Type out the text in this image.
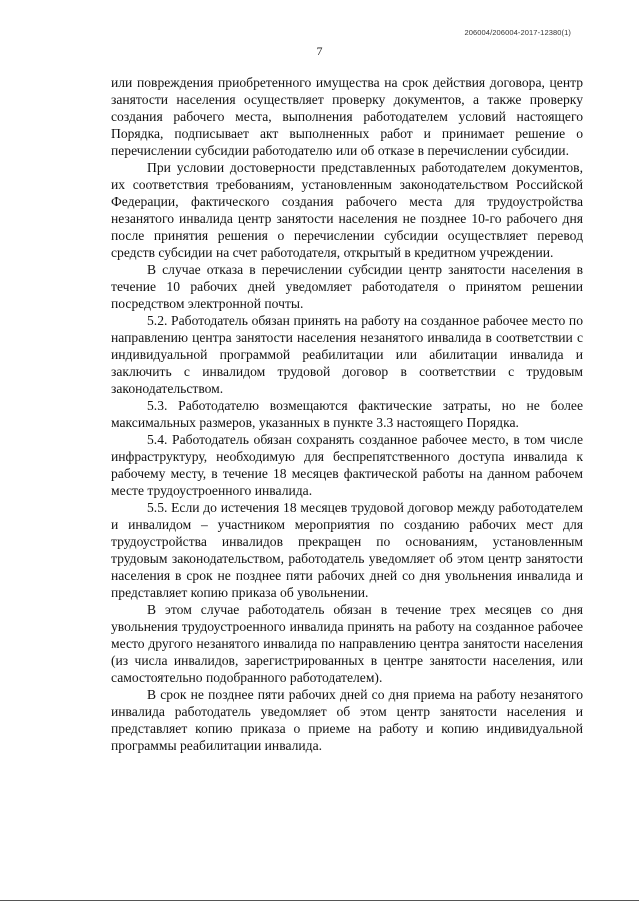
206004/206004-2017-12380(1)
7

или повреждения приобретенного имущества на срок действия договора, центр занятости населения осуществляет проверку документов, а также проверку создания рабочего места, выполнения работодателем условий настоящего Порядка, подписывает акт выполненных работ и принимает решение о перечислении субсидии работодателю или об отказе в перечислении субсидии.

При условии достоверности представленных работодателем документов, их соответствия требованиям, установленным законодательством Российской Федерации, фактического создания рабочего места для трудоустройства незанятого инвалида центр занятости населения не позднее 10-го рабочего дня после принятия решения о перечислении субсидии осуществляет перевод средств субсидии на счет работодателя, открытый в кредитном учреждении.

В случае отказа в перечислении субсидии центр занятости населения в течение 10 рабочих дней уведомляет работодателя о принятом решении посредством электронной почты.

5.2. Работодатель обязан принять на работу на созданное рабочее место по направлению центра занятости населения незанятого инвалида в соответствии с индивидуальной программой реабилитации или абилитации инвалида и заключить с инвалидом трудовой договор в соответствии с трудовым законодательством.

5.3. Работодателю возмещаются фактические затраты, но не более максимальных размеров, указанных в пункте 3.3 настоящего Порядка.

5.4. Работодатель обязан сохранять созданное рабочее место, в том числе инфраструктуру, необходимую для беспрепятственного доступа инвалида к рабочему месту, в течение 18 месяцев фактической работы на данном рабочем месте трудоустроенного инвалида.

5.5. Если до истечения 18 месяцев трудовой договор между работодателем и инвалидом – участником мероприятия по созданию рабочих мест для трудоустройства инвалидов прекращен по основаниям, установленным трудовым законодательством, работодатель уведомляет об этом центр занятости населения в срок не позднее пяти рабочих дней со дня увольнения инвалида и представляет копию приказа об увольнении.

В этом случае работодатель обязан в течение трех месяцев со дня увольнения трудоустроенного инвалида принять на работу на созданное рабочее место другого незанятого инвалида по направлению центра занятости населения (из числа инвалидов, зарегистрированных в центре занятости населения, или самостоятельно подобранного работодателем).

В срок не позднее пяти рабочих дней со дня приема на работу незанятого инвалида работодатель уведомляет об этом центр занятости населения и представляет копию приказа о приеме на работу и копию индивидуальной программы реабилитации инвалида.
